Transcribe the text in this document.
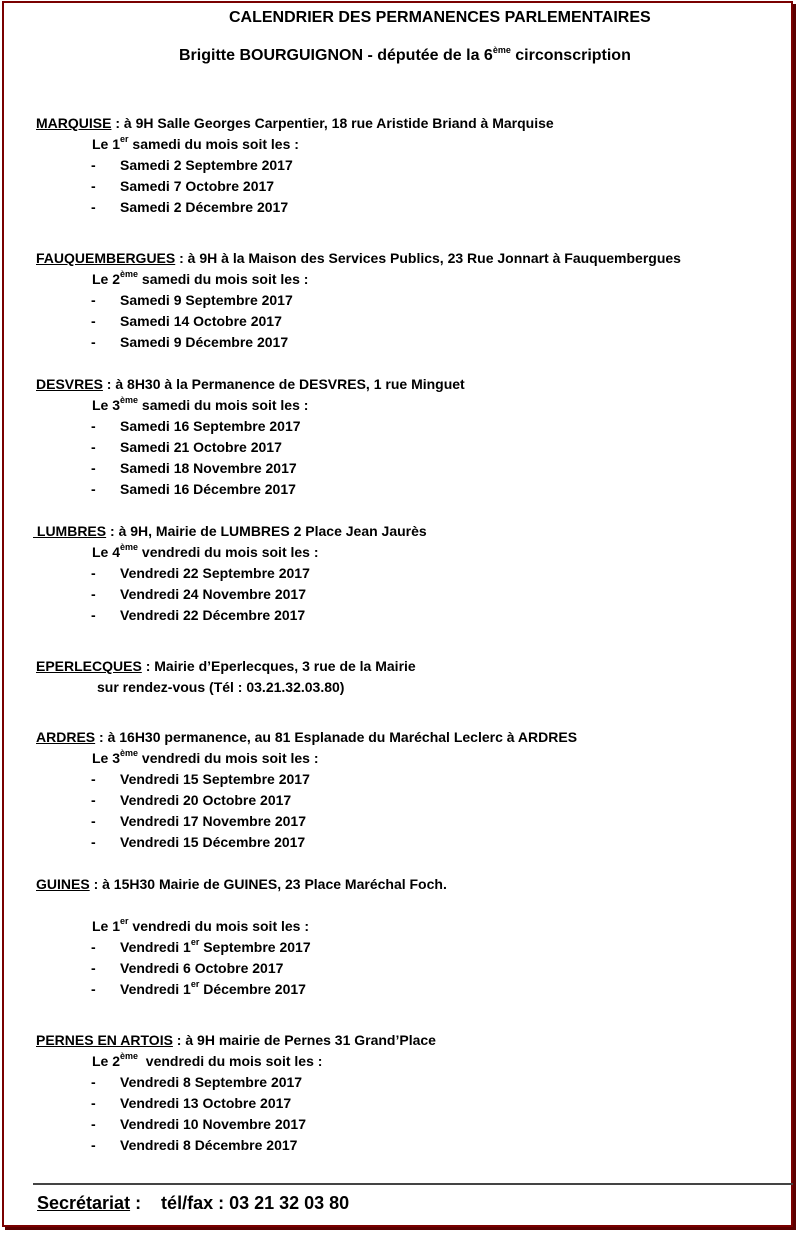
CALENDRIER DES PERMANENCES PARLEMENTAIRES
Brigitte BOURGUIGNON - députée de la 6ème circonscription
MARQUISE : à 9H Salle Georges Carpentier, 18 rue Aristide Briand à Marquise
Le 1er samedi du mois soit les :
- Samedi 2 Septembre 2017
- Samedi 7 Octobre 2017
- Samedi 2 Décembre 2017
FAUQUEMBERGUES : à 9H à la Maison des Services Publics, 23 Rue Jonnart à Fauquembergues
Le 2ème samedi du mois soit les :
- Samedi 9 Septembre 2017
- Samedi 14 Octobre 2017
- Samedi 9 Décembre 2017
DESVRES : à 8H30 à la Permanence de DESVRES, 1 rue Minguet
Le 3ème samedi du mois soit les :
- Samedi 16 Septembre 2017
- Samedi 21 Octobre 2017
- Samedi 18 Novembre 2017
- Samedi 16 Décembre 2017
LUMBRES : à 9H, Mairie de LUMBRES 2 Place Jean Jaurès
Le 4ème vendredi du mois soit les :
- Vendredi 22 Septembre 2017
- Vendredi 24 Novembre 2017
- Vendredi 22 Décembre 2017
EPERLECQUES : Mairie d’Eperlecques, 3 rue de la Mairie
sur rendez-vous (Tél : 03.21.32.03.80)
ARDRES : à 16H30 permanence, au 81 Esplanade du Maréchal Leclerc à ARDRES
Le 3ème vendredi du mois soit les :
- Vendredi 15 Septembre 2017
- Vendredi 20 Octobre 2017
- Vendredi 17 Novembre 2017
- Vendredi 15 Décembre 2017
GUINES : à 15H30 Mairie de GUINES, 23 Place Maréchal Foch.
Le 1er vendredi du mois soit les :
- Vendredi 1er Septembre 2017
- Vendredi 6 Octobre 2017
- Vendredi 1er Décembre 2017
PERNES EN ARTOIS : à 9H mairie de Pernes 31 Grand’Place
Le 2ème  vendredi du mois soit les :
- Vendredi 8 Septembre 2017
- Vendredi 13 Octobre 2017
- Vendredi 10 Novembre 2017
- Vendredi 8 Décembre 2017
Secrétariat :    tél/fax : 03 21 32 03 80
